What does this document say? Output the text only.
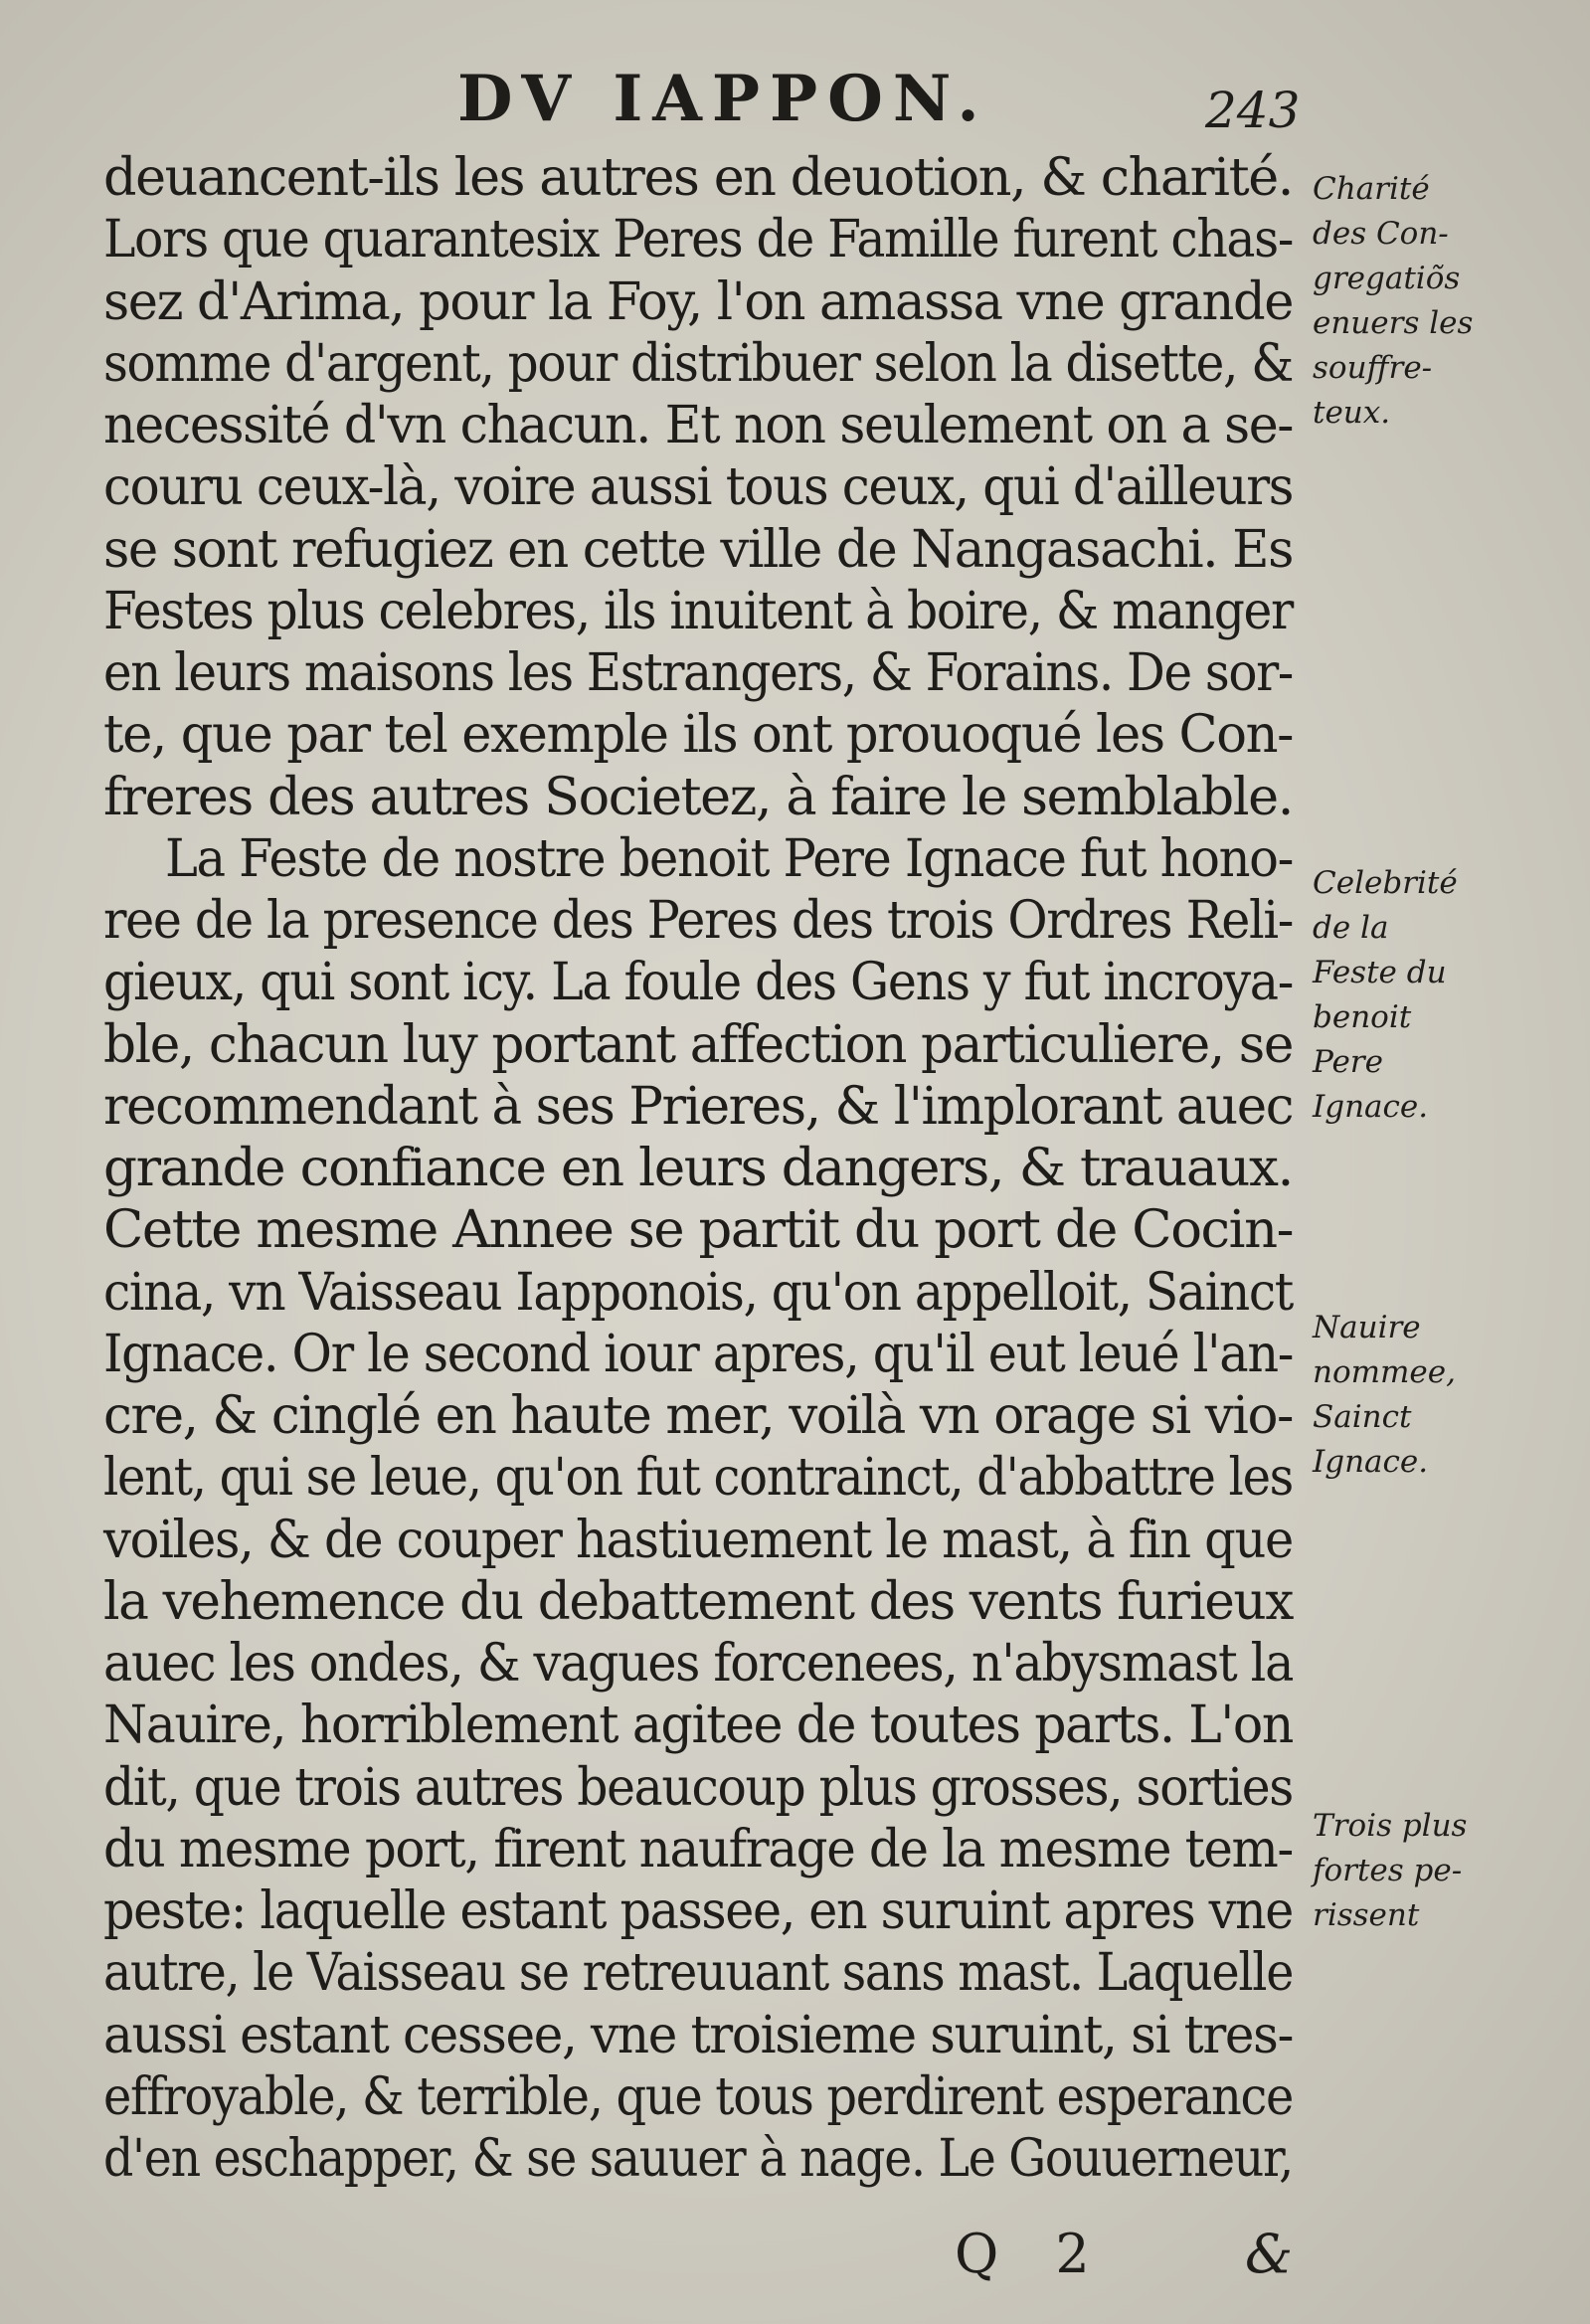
DV IAPPON.	243
deuancent-ils les autres en deuotion, & charité.
Lors que quarantesix Peres de Famille furent chas-
sez d'Arima, pour la Foy, l'on amassa vne grande
somme d'argent, pour distribuer selon la disette, &
necessité d'vn chacun. Et non seulement on a se-
couru ceux-là, voire aussi tous ceux, qui d'ailleurs
se sont refugiez en cette ville de Nangasachi. Es
Festes plus celebres, ils inuitent à boire, & manger
en leurs maisons les Estrangers, & Forains. De sor-
te, que par tel exemple ils ont prouoqué les Con-
freres des autres Societez, à faire le semblable.
La Feste de nostre benoit Pere Ignace fut hono-
ree de la presence des Peres des trois Ordres Reli-
gieux, qui sont icy. La foule des Gens y fut incroya-
ble, chacun luy portant affection particuliere, se
recommendant à ses Prieres, & l'implorant auec
grande confiance en leurs dangers, & trauaux.
Cette mesme Annee se partit du port de Cocin-
cina, vn Vaisseau Iapponois, qu'on appelloit, Sainct
Ignace. Or le second iour apres, qu'il eut leué l'an-
cre, & cinglé en haute mer, voilà vn orage si vio-
lent, qui se leue, qu'on fut contrainct, d'abbattre les
voiles, & de couper hastiuement le mast, à fin que
la vehemence du debattement des vents furieux
auec les ondes, & vagues forcenees, n'abysmast la
Nauire, horriblement agitee de toutes parts. L'on
dit, que trois autres beaucoup plus grosses, sorties
du mesme port, firent naufrage de la mesme tem-
peste: laquelle estant passee, en suruint apres vne
autre, le Vaisseau se retreuuant sans mast. Laquelle
aussi estant cessee, vne troisieme suruint, si tres-
effroyable, & terrible, que tous perdirent esperance
d'en eschapper, & se sauuer à nage. Le Gouuerneur,
Charité
des Con-
gregatiõs
enuers les
souffre-
teux.
Celebrité
de la
Feste du
benoit
Pere
Ignace.
Nauire
nommee,
Sainct
Ignace.
Trois plus
fortes pe-
rissent
Q 2	&
